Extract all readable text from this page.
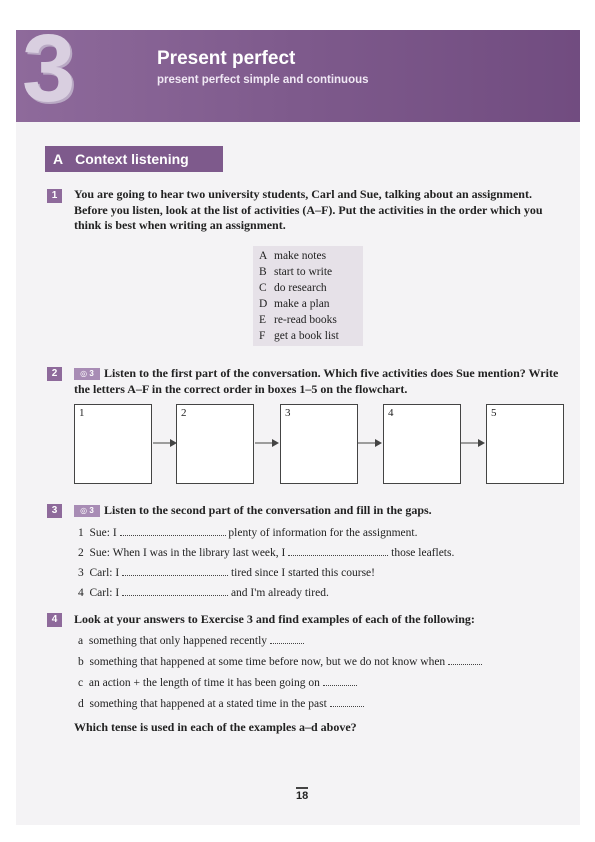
3	Present perfect
present perfect simple and continuous
A Context listening
1	You are going to hear two university students, Carl and Sue, talking about an assignment. Before you listen, look at the list of activities (A–F). Put the activities in the order which you think is best when writing an assignment.
A make notes
B start to write
C do research
D make a plan
E re-read books
F get a book list
2	◎ 3 Listen to the first part of the conversation. Which five activities does Sue mention? Write the letters A–F in the correct order in boxes 1–5 on the flowchart.
1	2	3	4	5
3	◎ 3 Listen to the second part of the conversation and fill in the gaps.
1 Sue: I	plenty of information for the assignment.
2 Sue: When I was in the library last week, I	those leaflets.
3 Carl: I	tired since I started this course!
4 Carl: I	and I'm already tired.
4	Look at your answers to Exercise 3 and find examples of each of the following:
a something that only happened recently
b something that happened at some time before now, but we do not know when
c an action + the length of time it has been going on
d something that happened at a stated time in the past
Which tense is used in each of the examples a–d above?
18
